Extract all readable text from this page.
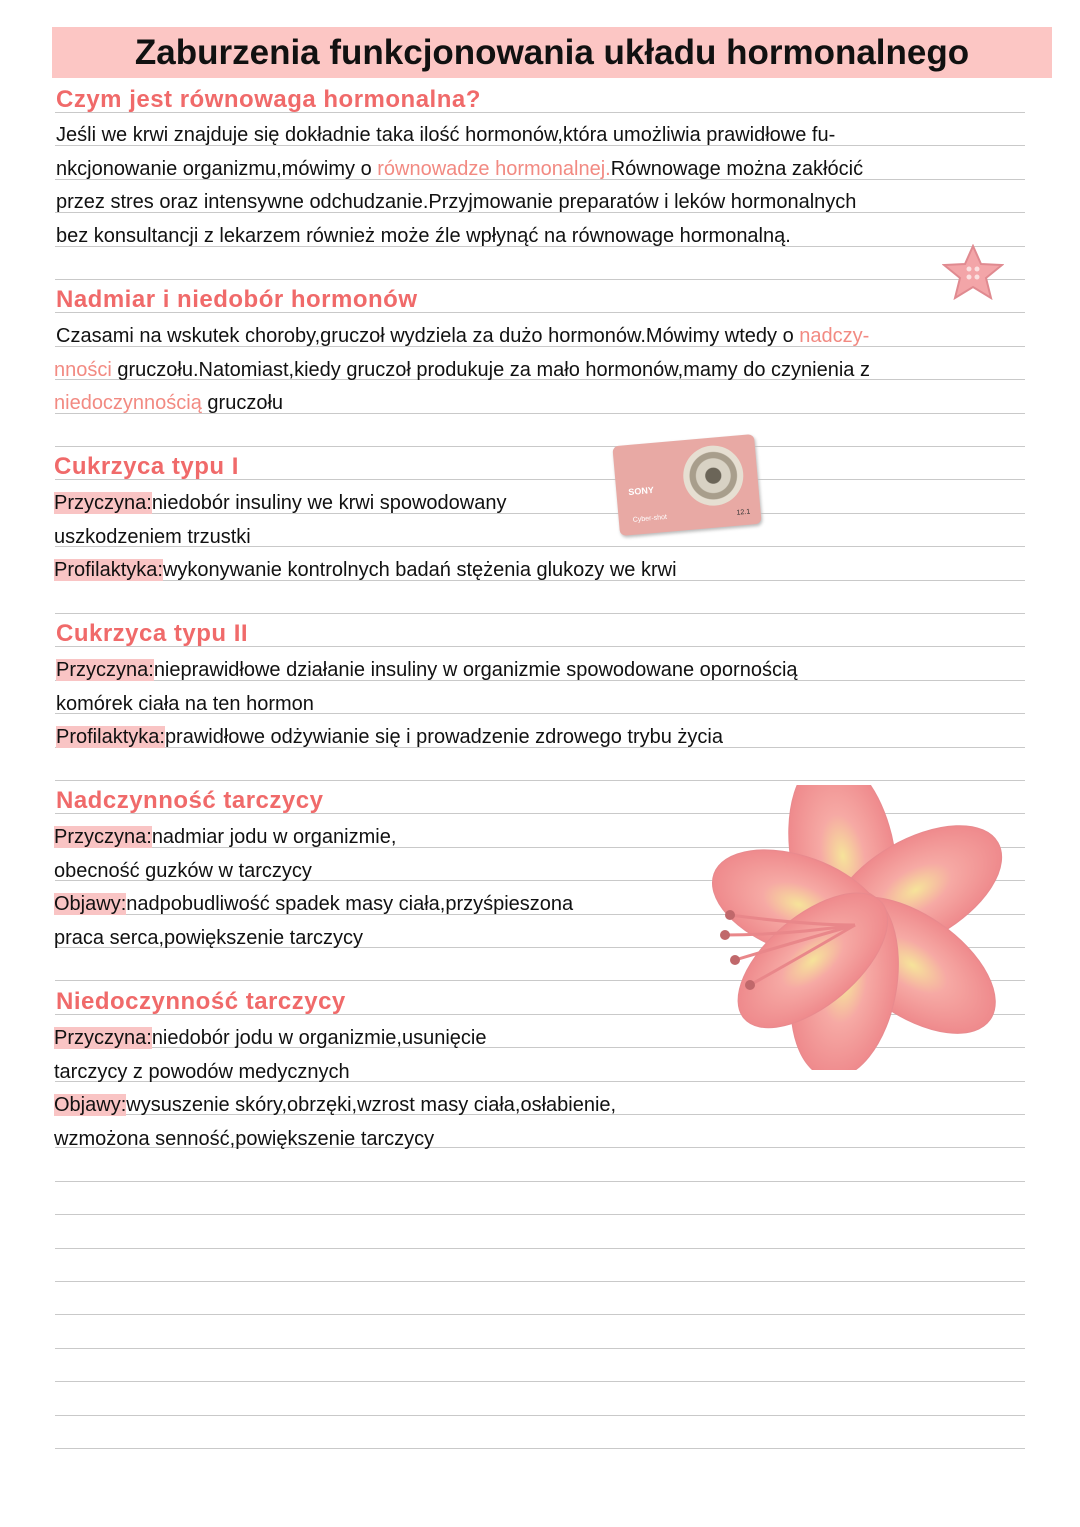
Zaburzenia funkcjonowania układu hormonalnego
Czym jest równowaga hormonalna?
Jeśli we krwi znajduje się dokładnie taka ilość hormonów,która umożliwia prawidłowe fu-
nkcjonowanie organizmu,mówimy o równowadze hormonalnej.Równowage można zakłócić
przez stres oraz intensywne odchudzanie.Przyjmowanie preparatów i leków hormonalnych
bez konsultancji z lekarzem również może źle wpłynąć na równowage hormonalną.
Nadmiar i niedobór hormonów
Czasami na wskutek choroby,gruczoł wydziela za dużo hormonów.Mówimy wtedy o nadczy-
nności gruczołu.Natomiast,kiedy gruczoł produkuje za mało hormonów,mamy do czynienia z
niedoczynnością gruczołu
Cukrzyca typu I
Przyczyna:niedobór insuliny we krwi spowodowany
uszkodzeniem trzustki
Profilaktyka:wykonywanie kontrolnych badań stężenia glukozy we krwi
SONY
Cyber-shot
12.1
Cukrzyca typu II
Przyczyna:nieprawidłowe działanie insuliny w organizmie spowodowane opornością
komórek ciała na ten hormon
Profilaktyka:prawidłowe odżywianie się i prowadzenie zdrowego trybu życia
Nadczynność tarczycy
Przyczyna:nadmiar jodu w organizmie,
obecność guzków w tarczycy
Objawy:nadpobudliwość spadek masy ciała,przyśpieszona
praca serca,powiększenie tarczycy
Niedoczynność tarczycy
Przyczyna:niedobór jodu w organizmie,usunięcie
tarczycy z powodów medycznych
Objawy:wysuszenie skóry,obrzęki,wzrost masy ciała,osłabienie,
wzmożona senność,powiększenie tarczycy
